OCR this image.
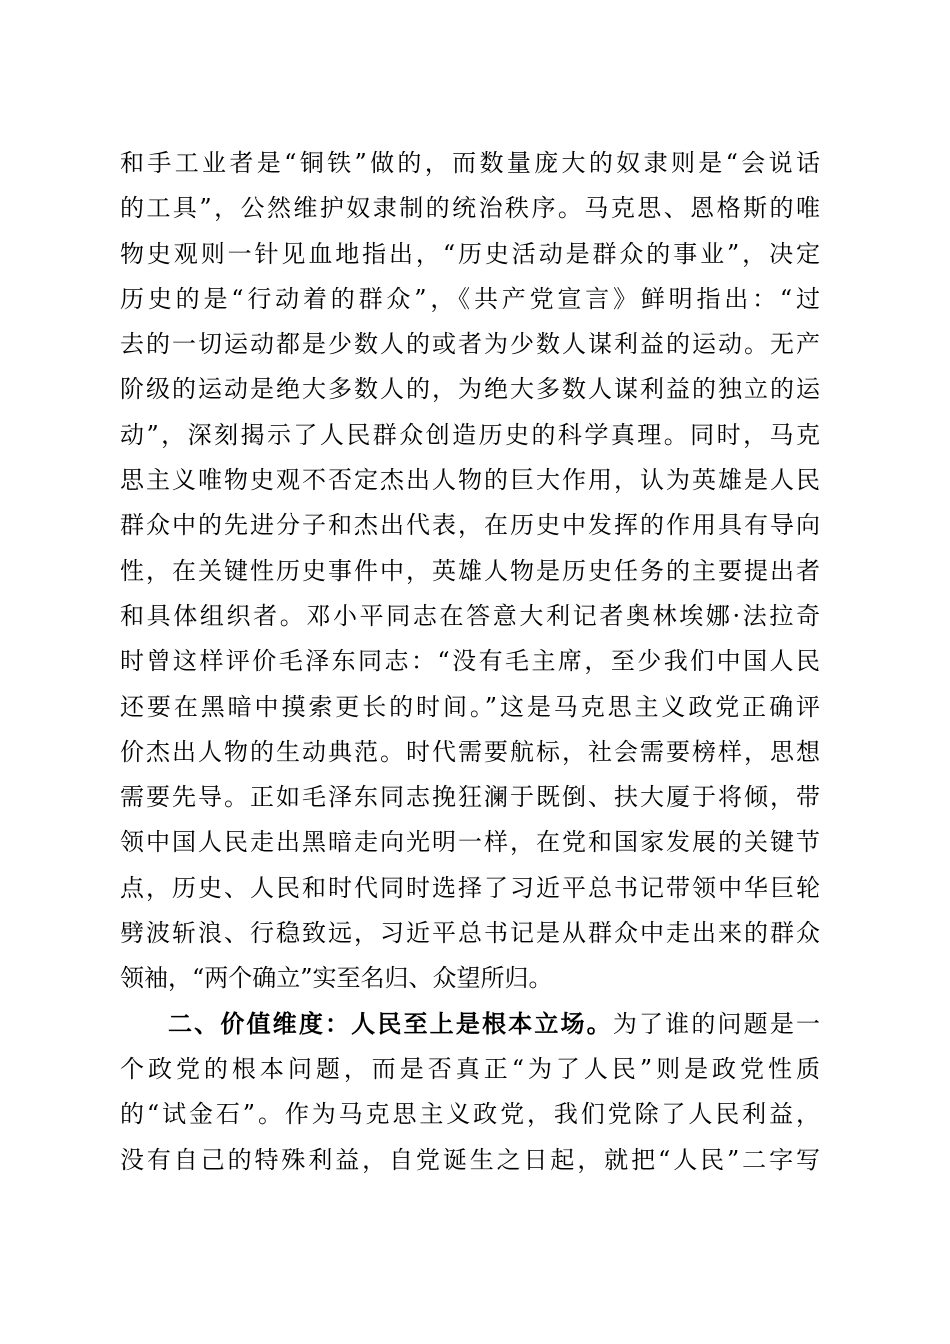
和手工业者是“铜铁”做的，而数量庞大的奴隶则是“会说话
的工具”，公然维护奴隶制的统治秩序。马克思、恩格斯的唯
物史观则一针见血地指出，“历史活动是群众的事业”，决定
历史的是“行动着的群众”，《共产党宣言》鲜明指出：“过
去的一切运动都是少数人的或者为少数人谋利益的运动。无产
阶级的运动是绝大多数人的，为绝大多数人谋利益的独立的运
动”，深刻揭示了人民群众创造历史的科学真理。同时，马克
思主义唯物史观不否定杰出人物的巨大作用，认为英雄是人民
群众中的先进分子和杰出代表，在历史中发挥的作用具有导向
性，在关键性历史事件中，英雄人物是历史任务的主要提出者
和具体组织者。邓小平同志在答意大利记者奥林埃娜·法拉奇
时曾这样评价毛泽东同志：“没有毛主席，至少我们中国人民
还要在黑暗中摸索更长的时间。”这是马克思主义政党正确评
价杰出人物的生动典范。时代需要航标，社会需要榜样，思想
需要先导。正如毛泽东同志挽狂澜于既倒、扶大厦于将倾，带
领中国人民走出黑暗走向光明一样，在党和国家发展的关键节
点，历史、人民和时代同时选择了习近平总书记带领中华巨轮
劈波斩浪、行稳致远，习近平总书记是从群众中走出来的群众
领袖，“两个确立”实至名归、众望所归。
二、价值维度：人民至上是根本立场。为了谁的问题是一
个政党的根本问题，而是否真正“为了人民”则是政党性质
的“试金石”。作为马克思主义政党，我们党除了人民利益，
没有自己的特殊利益，自党诞生之日起，就把“人民”二字写
